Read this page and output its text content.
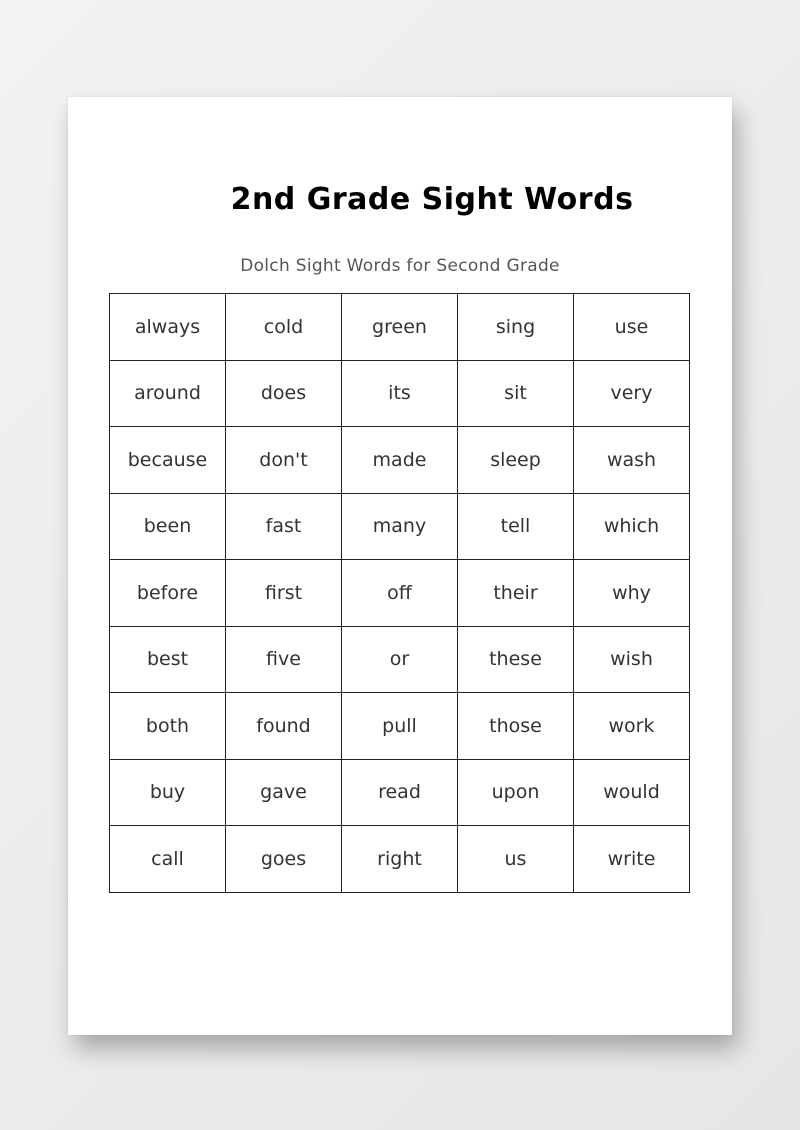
2nd Grade Sight Words

Dolch Sight Words for Second Grade

always	cold	green	sing	use
around	does	its	sit	very
because	don't	made	sleep	wash
been	fast	many	tell	which
before	first	off	their	why
best	five	or	these	wish
both	found	pull	those	work
buy	gave	read	upon	would
call	goes	right	us	write
